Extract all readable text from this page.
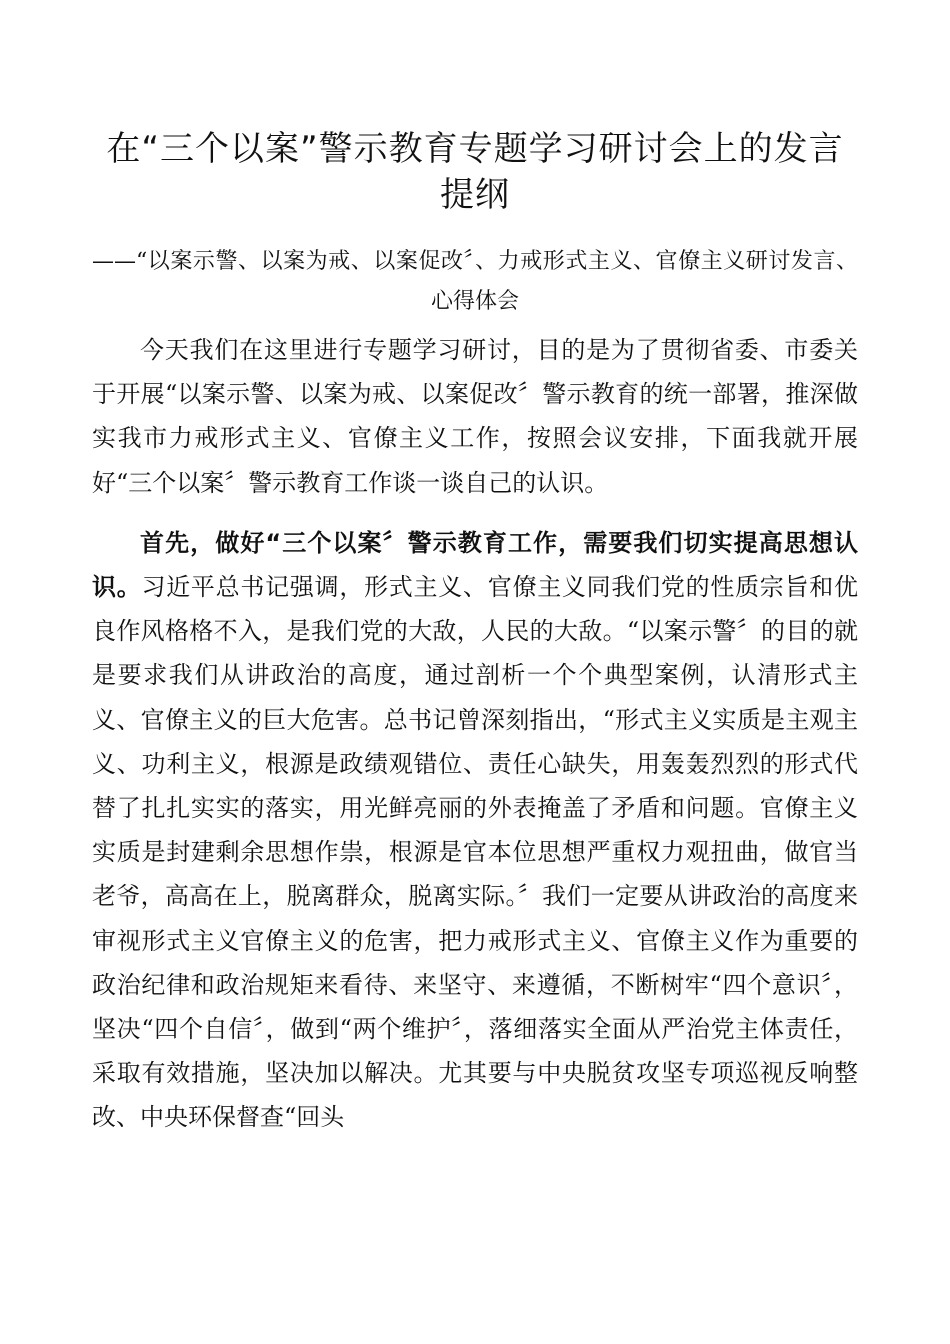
在“三个以案”警示教育专题学习研讨会上的发言提纲
——“以案示警、以案为戒、以案促改〞、力戒形式主义、官僚主义研讨发言、心得体会

今天我们在这里进行专题学习研讨，目的是为了贯彻省委、市委关于开展“以案示警、以案为戒、以案促改〞警示教育的统一部署，推深做实我市力戒形式主义、官僚主义工作，按照会议安排，下面我就开展好“三个以案〞警示教育工作谈一谈自己的认识。

首先，做好“三个以案〞警示教育工作，需要我们切实提高思想认识。习近平总书记强调，形式主义、官僚主义同我们党的性质宗旨和优良作风格格不入，是我们党的大敌，人民的大敌。“以案示警〞的目的就是要求我们从讲政治的高度，通过剖析一个个典型案例，认清形式主义、官僚主义的巨大危害。总书记曾深刻指出，“形式主义实质是主观主义、功利主义，根源是政绩观错位、责任心缺失，用轰轰烈烈的形式代替了扎扎实实的落实，用光鲜亮丽的外表掩盖了矛盾和问题。官僚主义实质是封建剩余思想作祟，根源是官本位思想严重权力观扭曲，做官当老爷，高高在上，脱离群众，脱离实际。〞我们一定要从讲政治的高度来审视形式主义官僚主义的危害，把力戒形式主义、官僚主义作为重要的政治纪律和政治规矩来看待、来坚守、来遵循，不断树牢“四个意识〞，坚决“四个自信〞，做到“两个维护〞，落细落实全面从严治党主体责任，采取有效措施，坚决加以解决。尤其要与中央脱贫攻坚专项巡视反响整改、中央环保督查“回头
